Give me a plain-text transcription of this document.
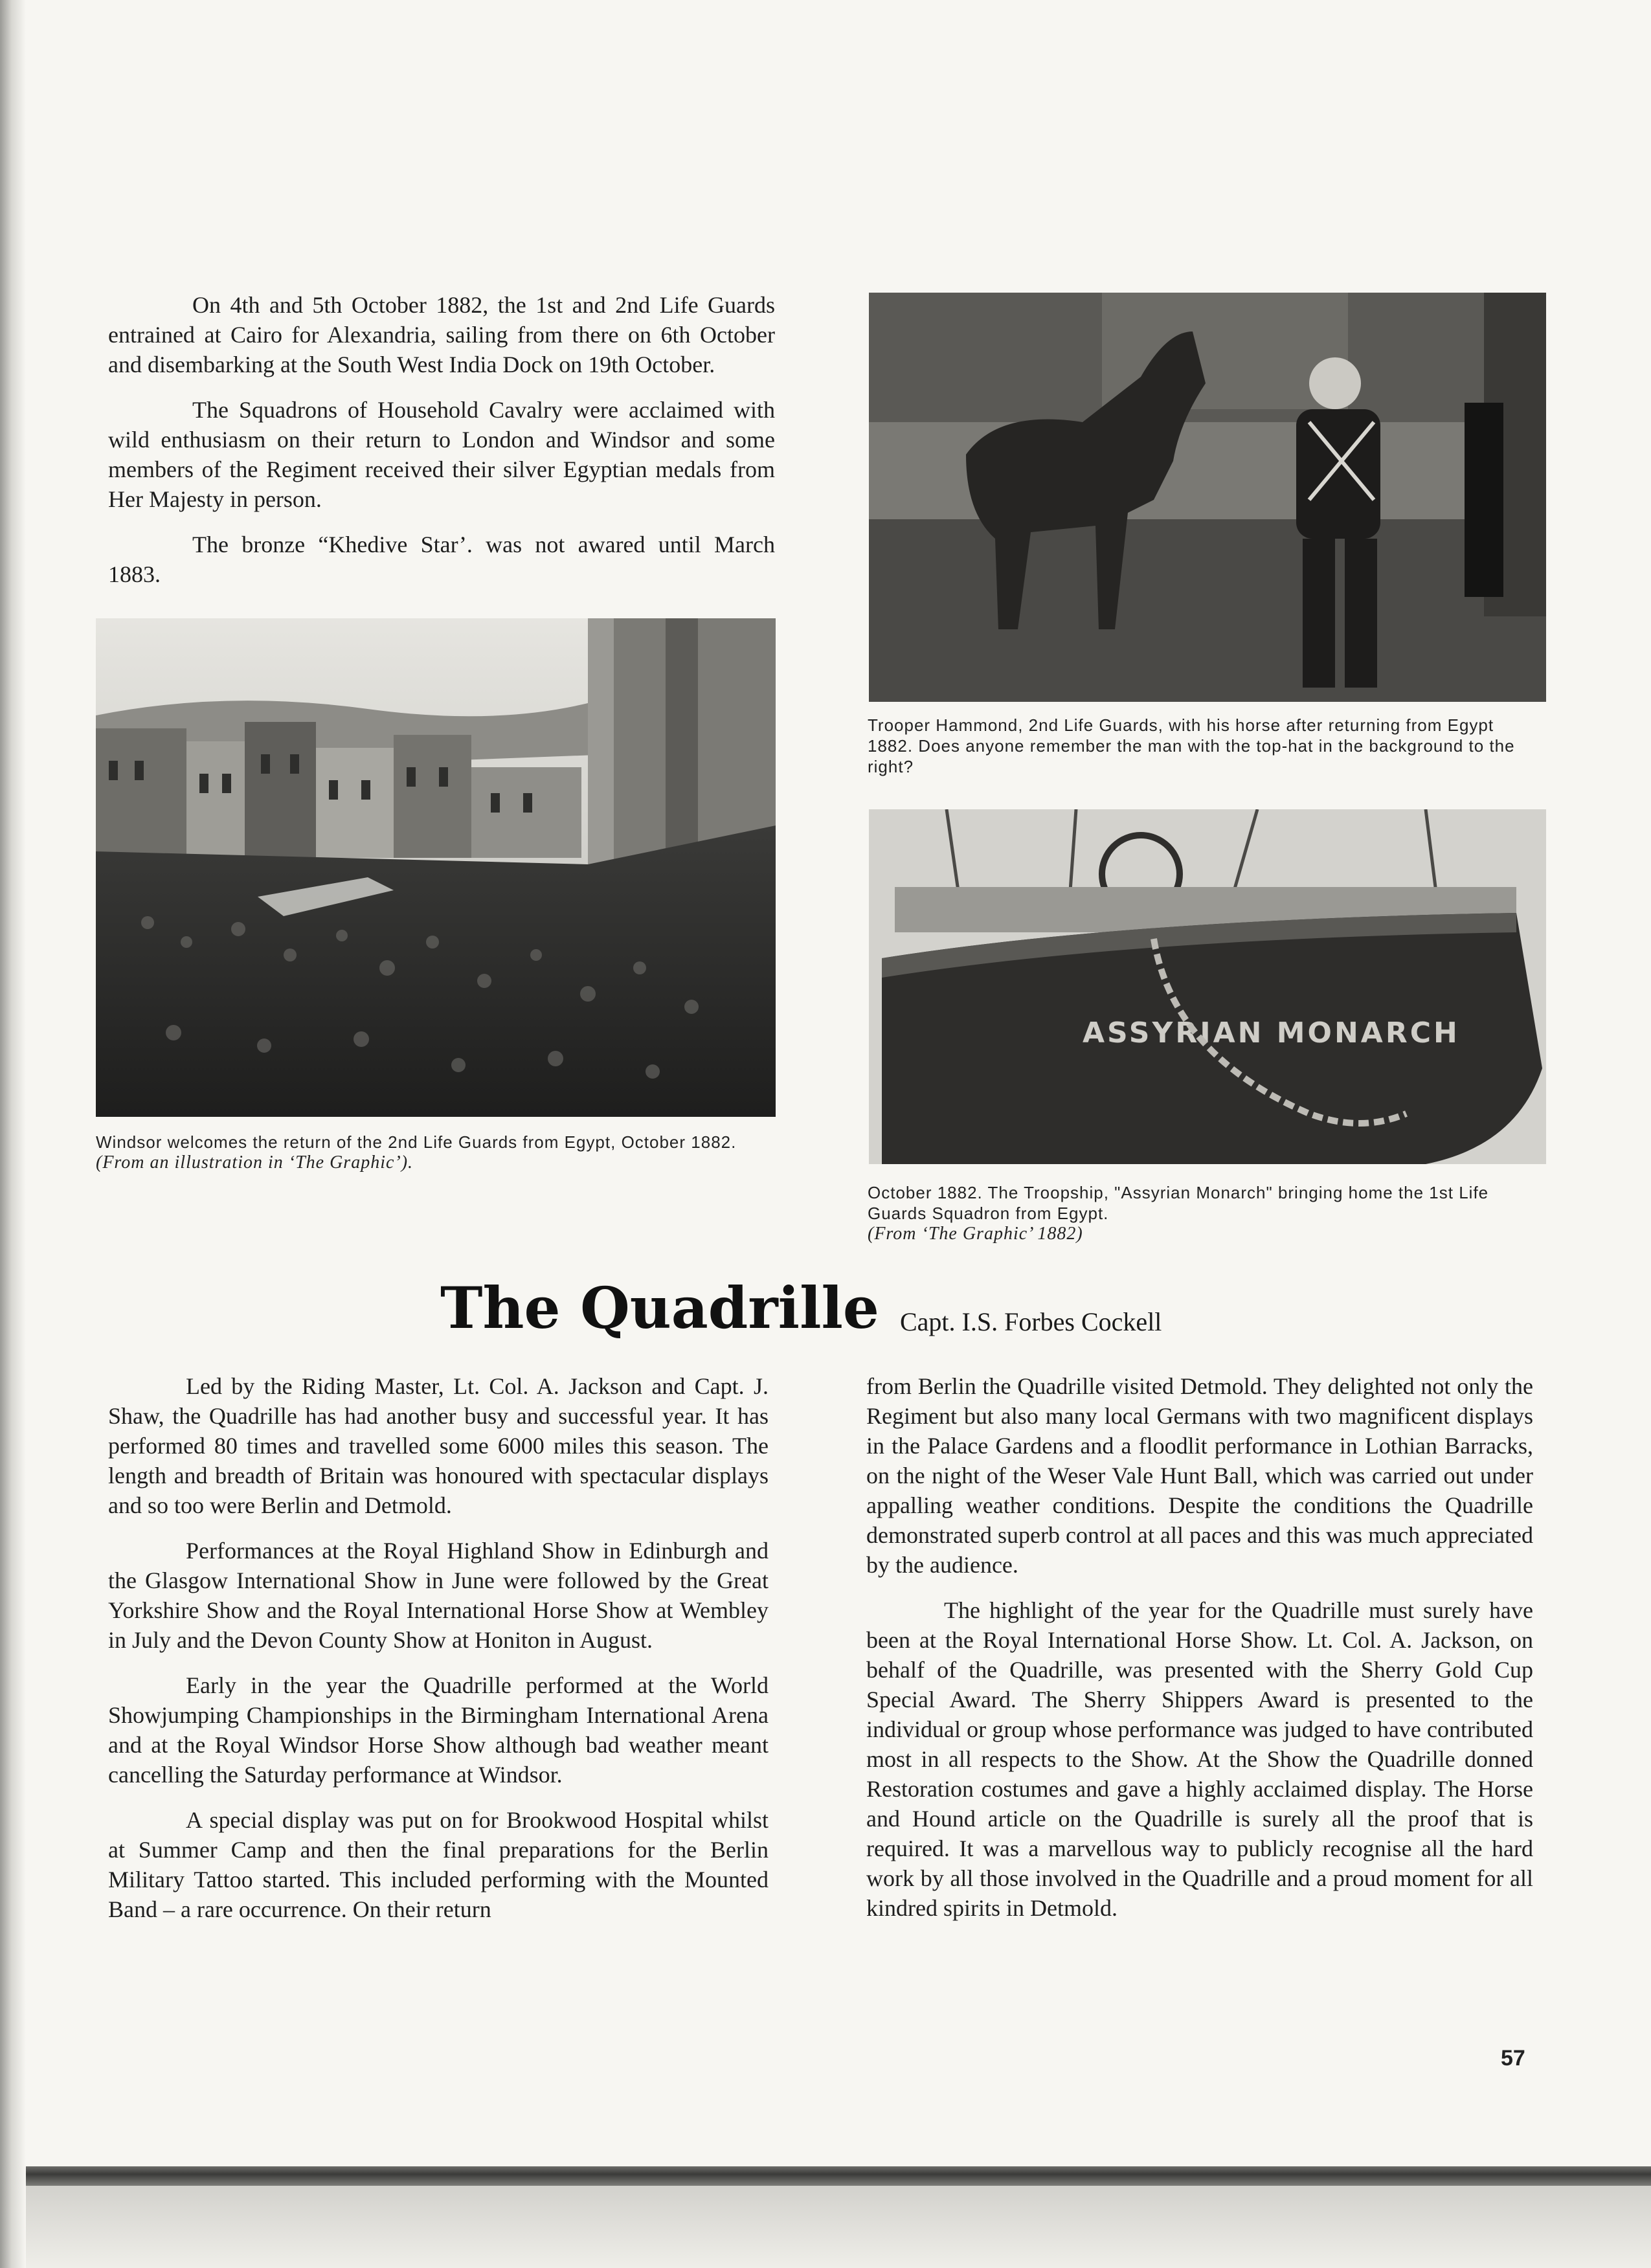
On 4th and 5th October 1882, the 1st and 2nd Life Guards entrained at Cairo for Alexandria, sailing from there on 6th October and disembarking at the South West India Dock on 19th October.

The Squadrons of Household Cavalry were acclaimed with wild enthusiasm on their return to London and Windsor and some members of the Regiment received their silver Egyptian medals from Her Majesty in person.

The bronze “Khedive Star’. was not awared until March 1883.

Windsor welcomes the return of the 2nd Life Guards from Egypt, October 1882.
(From an illustration in ‘The Graphic’).
Trooper Hammond, 2nd Life Guards, with his horse after returning from Egypt 1882. Does anyone remember the man with the top-hat in the background to the right?
ASSYRIAN MONARCH
October 1882. The Troopship, "Assyrian Monarch" bringing home the 1st Life Guards Squadron from Egypt.
(From ‘The Graphic’ 1882)
The Quadrille Capt. I.S. Forbes Cockell

Led by the Riding Master, Lt. Col. A. Jackson and Capt. J. Shaw, the Quadrille has had another busy and successful year. It has performed 80 times and travelled some 6000 miles this season. The length and breadth of Britain was honoured with spectacular displays and so too were Berlin and Detmold.

Performances at the Royal Highland Show in Edinburgh and the Glasgow International Show in June were followed by the Great Yorkshire Show and the Royal International Horse Show at Wembley in July and the Devon County Show at Honiton in August.

Early in the year the Quadrille performed at the World Showjumping Championships in the Birmingham International Arena and at the Royal Windsor Horse Show although bad weather meant cancelling the Saturday performance at Windsor.

A special display was put on for Brookwood Hospital whilst at Summer Camp and then the final preparations for the Berlin Military Tattoo started. This included performing with the Mounted Band – a rare occurrence. On their return

from Berlin the Quadrille visited Detmold. They delighted not only the Regiment but also many local Germans with two magnificent displays in the Palace Gardens and a floodlit performance in Lothian Barracks, on the night of the Weser Vale Hunt Ball, which was carried out under appalling weather conditions. Despite the conditions the Quadrille demonstrated superb control at all paces and this was much appreciated by the audience.

The highlight of the year for the Quadrille must surely have been at the Royal International Horse Show. Lt. Col. A. Jackson, on behalf of the Quadrille, was presented with the Sherry Gold Cup Special Award. The Sherry Shippers Award is presented to the individual or group whose performance was judged to have contributed most in all respects to the Show. At the Show the Quadrille donned Restoration costumes and gave a highly acclaimed display. The Horse and Hound article on the Quadrille is surely all the proof that is required. It was a marvellous way to publicly recognise all the hard work by all those involved in the Quadrille and a proud moment for all kindred spirits in Detmold.

57
